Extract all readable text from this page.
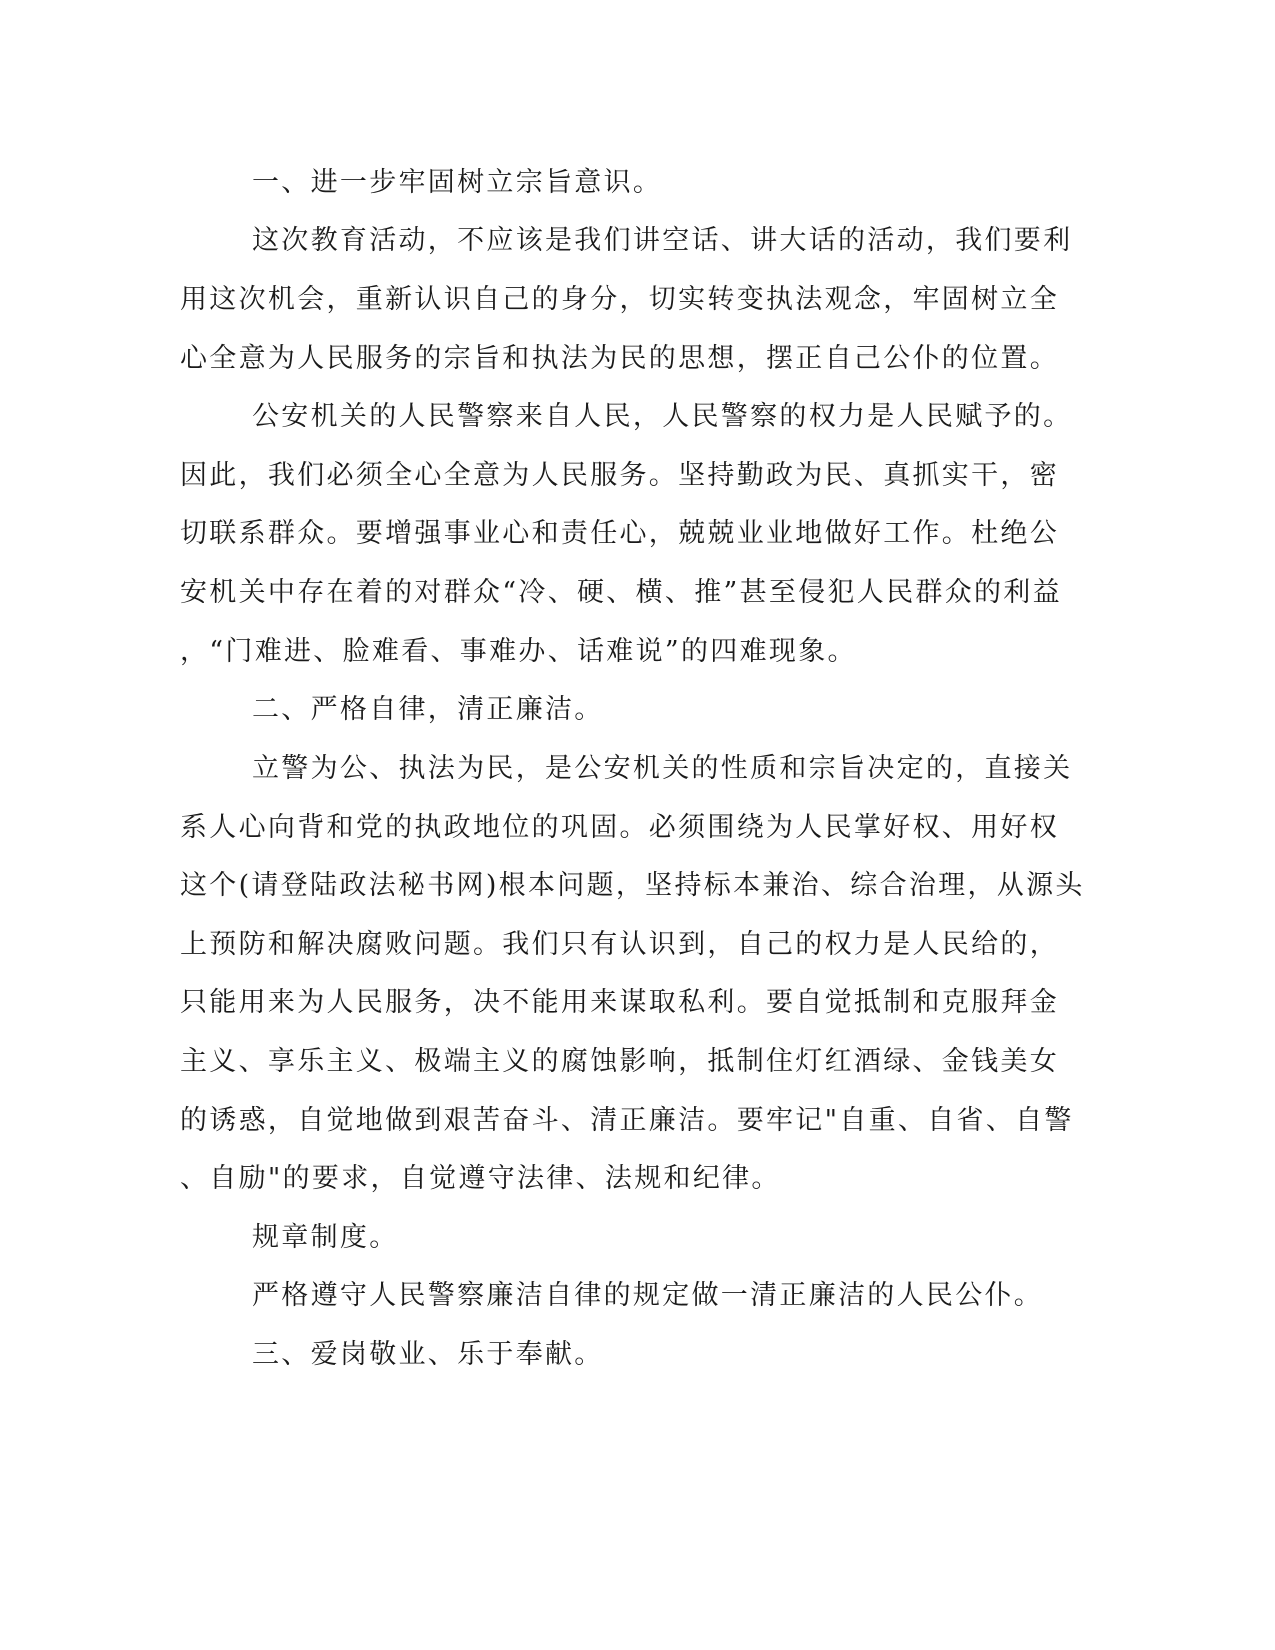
一、进一步牢固树立宗旨意识。
这次教育活动，不应该是我们讲空话、讲大话的活动，我们要利
用这次机会，重新认识自己的身分，切实转变执法观念，牢固树立全
心全意为人民服务的宗旨和执法为民的思想，摆正自己公仆的位置。
公安机关的人民警察来自人民，人民警察的权力是人民赋予的。
因此，我们必须全心全意为人民服务。坚持勤政为民、真抓实干，密
切联系群众。要增强事业心和责任心，兢兢业业地做好工作。杜绝公
安机关中存在着的对群众“冷、硬、横、推”甚至侵犯人民群众的利益
，“门难进、脸难看、事难办、话难说”的四难现象。
二、严格自律，清正廉洁。
立警为公、执法为民，是公安机关的性质和宗旨决定的，直接关
系人心向背和党的执政地位的巩固。必须围绕为人民掌好权、用好权
这个(请登陆政法秘书网)根本问题，坚持标本兼治、综合治理，从源头
上预防和解决腐败问题。我们只有认识到，自己的权力是人民给的，
只能用来为人民服务，决不能用来谋取私利。要自觉抵制和克服拜金
主义、享乐主义、极端主义的腐蚀影响，抵制住灯红酒绿、金钱美女
的诱惑，自觉地做到艰苦奋斗、清正廉洁。要牢记"自重、自省、自警
、自励"的要求，自觉遵守法律、法规和纪律。
规章制度。
严格遵守人民警察廉洁自律的规定做一清正廉洁的人民公仆。
三、爱岗敬业、乐于奉献。
